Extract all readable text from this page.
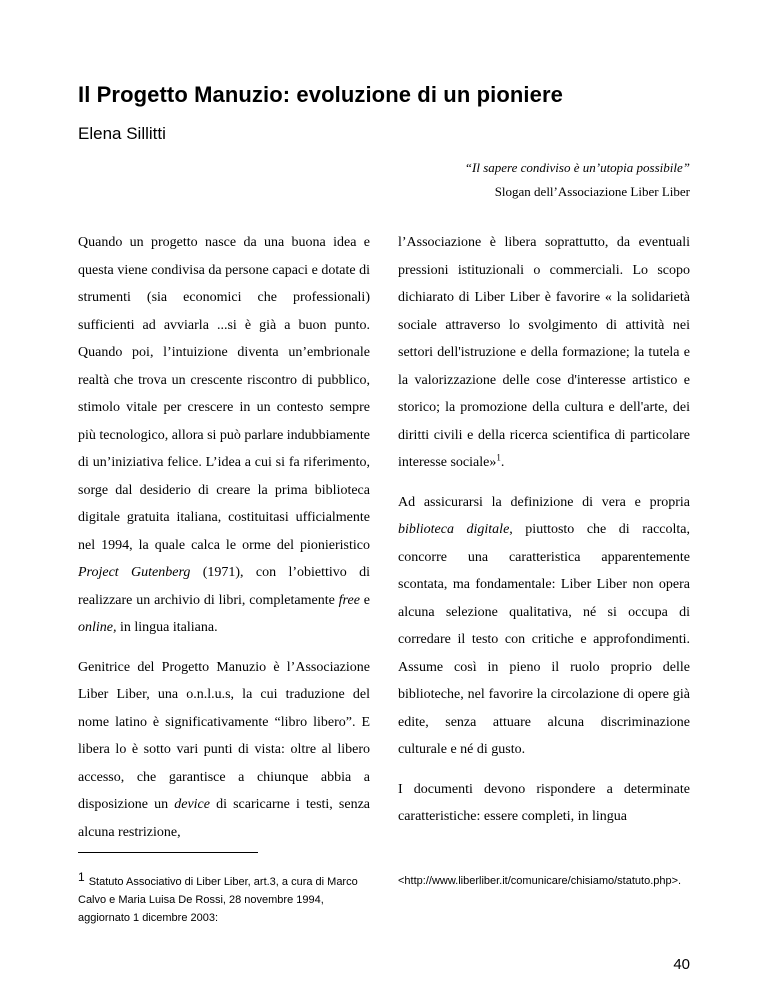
Il Progetto Manuzio: evoluzione di un pioniere
Elena Sillitti
“Il sapere condiviso è un’utopia possibile”
Slogan dell’Associazione Liber Liber

Quando un progetto nasce da una buona idea e questa viene condivisa da persone capaci e dotate di strumenti (sia economici che professionali) sufficienti ad avviarla ...si è già a buon punto. Quando poi, l’intuizione diventa un’embrionale realtà che trova un crescente riscontro di pubblico, stimolo vitale per crescere in un contesto sempre più tecnologico, allora si può parlare indubbiamente di un’iniziativa felice. L’idea a cui si fa riferimento, sorge dal desiderio di creare la prima biblioteca digitale gratuita italiana, costituitasi ufficialmente nel 1994, la quale calca le orme del pionieristico Project Gutenberg (1971), con l’obiettivo di realizzare un archivio di libri, completamente free e online, in lingua italiana.

Genitrice del Progetto Manuzio è l’Associazione Liber Liber, una o.n.l.u.s, la cui traduzione del nome latino è significativamente “libro libero”. E libera lo è sotto vari punti di vista: oltre al libero accesso, che garantisce a chiunque abbia a disposizione un device di scaricarne i testi, senza alcuna restrizione,

l’Associazione è libera soprattutto, da eventuali pressioni istituzionali o commerciali. Lo scopo dichiarato di Liber Liber è favorire « la solidarietà sociale attraverso lo svolgimento di attività nei settori dell'istruzione e della formazione; la tutela e la valorizzazione delle cose d'interesse artistico e storico; la promozione della cultura e dell'arte, dei diritti civili e della ricerca scientifica di particolare interesse sociale»$^1$.

Ad assicurarsi la definizione di vera e propria biblioteca digitale, piuttosto che di raccolta, concorre una caratteristica apparentemente scontata, ma fondamentale: Liber Liber non opera alcuna selezione qualitativa, né si occupa di corredare il testo con critiche e approfondimenti. Assume così in pieno il ruolo proprio delle biblioteche, nel favorire la circolazione di opere già edite, senza attuare alcuna discriminazione culturale e né di gusto.

I documenti devono rispondere a determinate caratteristiche: essere completi, in lingua

1 Statuto Associativo di Liber Liber, art.3, a cura di Marco Calvo e Maria Luisa De Rossi, 28 novembre 1994, aggiornato 1 dicembre 2003:
<http://www.liberliber.it/comunicare/chisiamo/statuto.php>.
40
